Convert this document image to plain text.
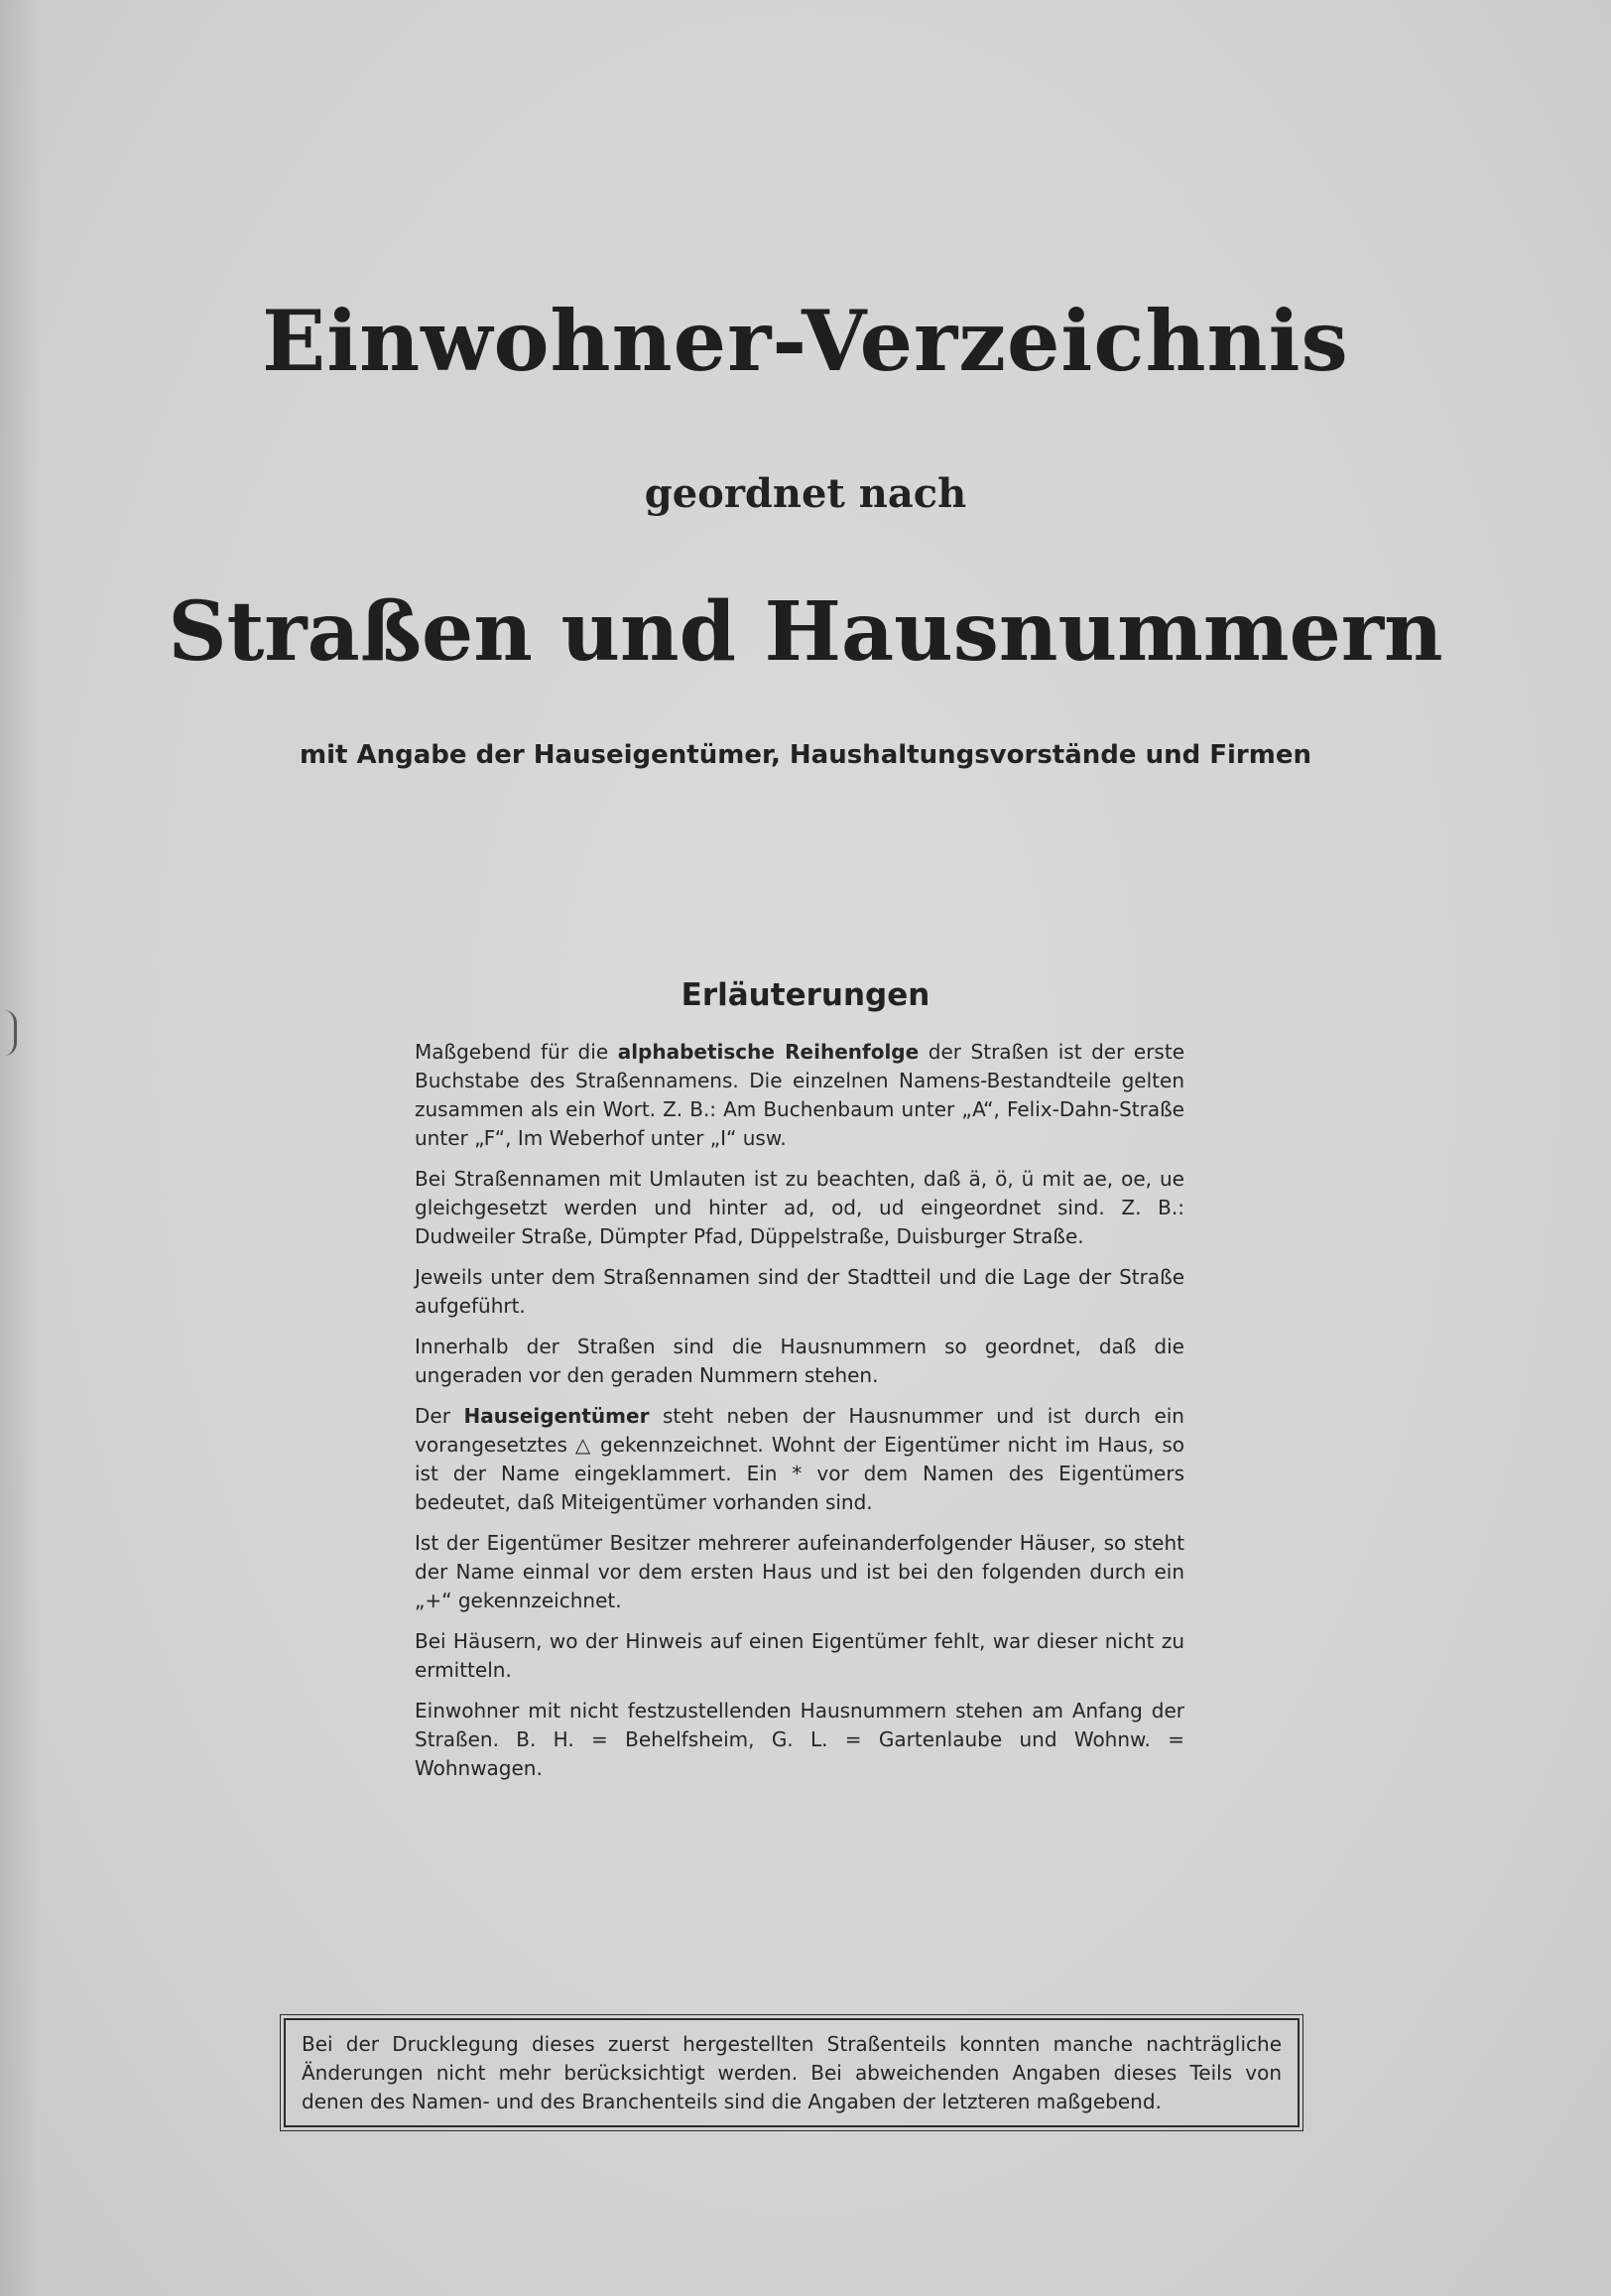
Einwohner-Verzeichnis
geordnet nach
Straßen und Hausnummern
mit Angabe der Hauseigentümer, Haushaltungsvorstände und Firmen
Erläuterungen

Maßgebend für die alphabetische Reihenfolge der Straßen ist der erste Buchstabe des Straßennamens. Die einzelnen Namens-Bestandteile gelten zusammen als ein Wort. Z. B.: Am Buchenbaum unter „A“, Felix-Dahn-Straße unter „F“, Im Weberhof unter „I“ usw.

Bei Straßennamen mit Umlauten ist zu beachten, daß ä, ö, ü mit ae, oe, ue gleichgesetzt werden und hinter ad, od, ud eingeordnet sind. Z. B.: Dudweiler Straße, Dümpter Pfad, Düppelstraße, Duisburger Straße.

Jeweils unter dem Straßennamen sind der Stadtteil und die Lage der Straße aufgeführt.

Innerhalb der Straßen sind die Hausnummern so geordnet, daß die ungeraden vor den geraden Nummern stehen.

Der Hauseigentümer steht neben der Hausnummer und ist durch ein vorangesetztes △ gekennzeichnet. Wohnt der Eigentümer nicht im Haus, so ist der Name eingeklammert. Ein * vor dem Namen des Eigentümers bedeutet, daß Miteigentümer vorhanden sind.

Ist der Eigentümer Besitzer mehrerer aufeinanderfolgender Häuser, so steht der Name einmal vor dem ersten Haus und ist bei den folgenden durch ein „+“ gekennzeichnet.

Bei Häusern, wo der Hinweis auf einen Eigentümer fehlt, war dieser nicht zu ermitteln.

Einwohner mit nicht festzustellenden Hausnummern stehen am Anfang der Straßen. B. H. = Behelfsheim, G. L. = Gartenlaube und Wohnw. = Wohnwagen.

Bei der Drucklegung dieses zuerst hergestellten Straßenteils konnten manche nachträgliche Änderungen nicht mehr berücksichtigt werden. Bei abweichenden Angaben dieses Teils von denen des Namen- und des Branchenteils sind die Angaben der letzteren maßgebend.
